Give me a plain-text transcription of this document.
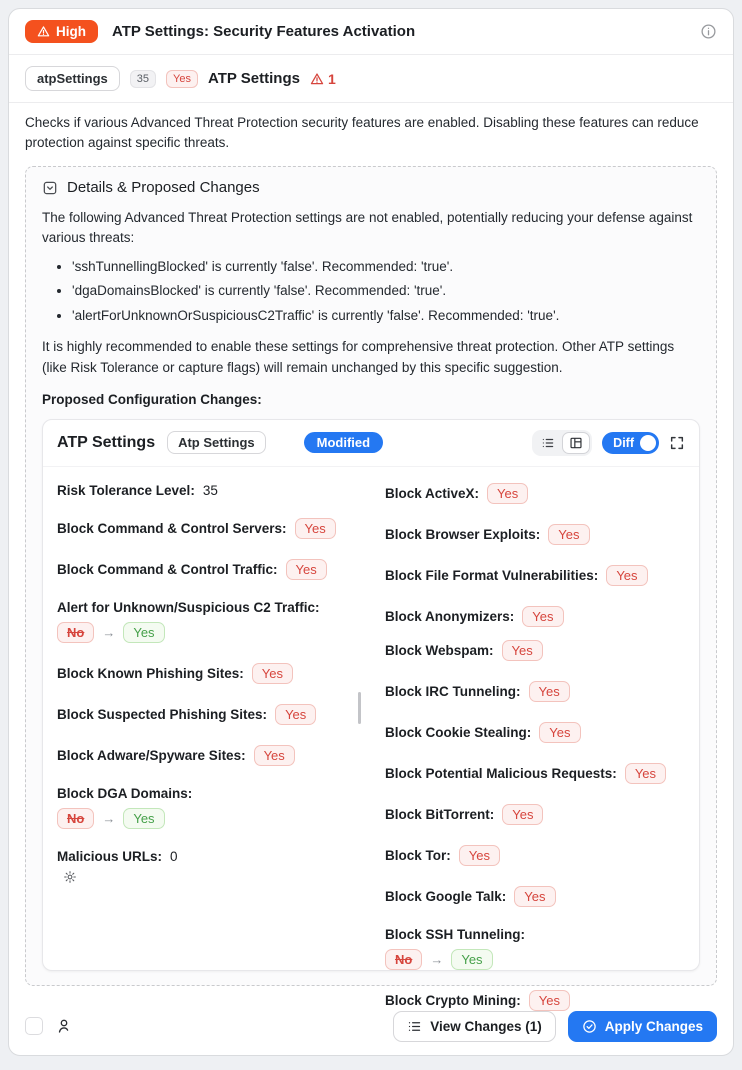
High ATP Settings: Security Features Activation
atpSettings	35	Yes	ATP Settings 1
Checks if various Advanced Threat Protection security features are enabled. Disabling these features can reduce protection against specific threats.
Details & Proposed Changes

The following Advanced Threat Protection settings are not enabled, potentially reducing your defense against various threats:

• 'sshTunnellingBlocked' is currently 'false'. Recommended: 'true'.
• 'dgaDomainsBlocked' is currently 'false'. Recommended: 'true'.
• 'alertForUnknownOrSuspiciousC2Traffic' is currently 'false'. Recommended: 'true'.

It is highly recommended to enable these settings for comprehensive threat protection. Other ATP settings (like Risk Tolerance or capture flags) will remain unchanged by this specific suggestion.

Proposed Configuration Changes:
ATP Settings	Atp Settings	Modified	Diff
Risk Tolerance Level: 35
Block Command & Control Servers:	Yes
Block Command & Control Traffic:	Yes
Alert for Unknown/Suspicious C2 Traffic:
No	→	Yes
Block Known Phishing Sites:	Yes
Block Suspected Phishing Sites:	Yes
Block Adware/Spyware Sites:	Yes
Block DGA Domains:
No	→	Yes
Malicious URLs: 0
Block ActiveX:	Yes
Block Browser Exploits:	Yes
Block File Format Vulnerabilities:	Yes
Block Anonymizers:	Yes
Block Webspam:	Yes
Block IRC Tunneling:	Yes
Block Cookie Stealing:	Yes
Block Potential Malicious Requests:	Yes
Block BitTorrent:	Yes
Block Tor:	Yes
Block Google Talk:	Yes
Block SSH Tunneling:
No	→	Yes
Block Crypto Mining:	Yes
View Changes (1)	Apply Changes
